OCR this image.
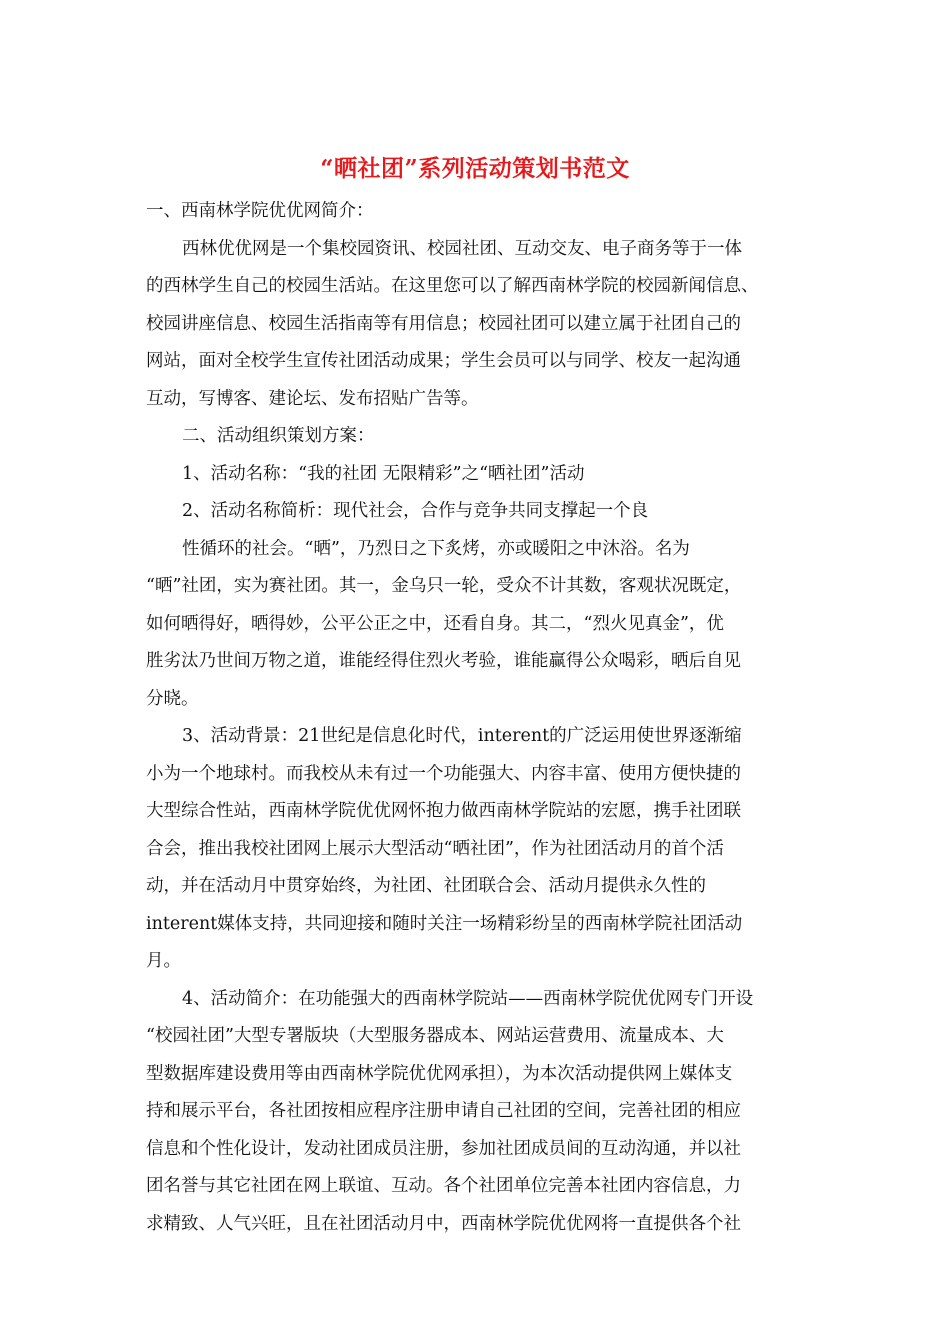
“晒社团”系列活动策划书范文

一、西南林学院优优网简介：

西林优优网是一个集校园资讯、校园社团、互动交友、电子商务等于一体

的西林学生自己的校园生活站。在这里您可以了解西南林学院的校园新闻信息、

校园讲座信息、校园生活指南等有用信息；校园社团可以建立属于社团自己的

网站，面对全校学生宣传社团活动成果；学生会员可以与同学、校友一起沟通

互动，写博客、建论坛、发布招贴广告等。

二、活动组织策划方案：

1、活动名称：“我的社团 无限精彩”之“晒社团”活动

2、活动名称简析：现代社会，合作与竞争共同支撑起一个良

性循环的社会。“晒”，乃烈日之下炙烤，亦或暖阳之中沐浴。名为

“晒”社团，实为赛社团。其一，金乌只一轮，受众不计其数，客观状况既定，

如何晒得好，晒得妙，公平公正之中，还看自身。其二，“烈火见真金”，优

胜劣汰乃世间万物之道，谁能经得住烈火考验，谁能赢得公众喝彩，晒后自见

分晓。

3、活动背景：21世纪是信息化时代，interent的广泛运用使世界逐渐缩

小为一个地球村。而我校从未有过一个功能强大、内容丰富、使用方便快捷的

大型综合性站，西南林学院优优网怀抱力做西南林学院站的宏愿，携手社团联

合会，推出我校社团网上展示大型活动“晒社团”，作为社团活动月的首个活

动，并在活动月中贯穿始终，为社团、社团联合会、活动月提供永久性的

interent媒体支持，共同迎接和随时关注一场精彩纷呈的西南林学院社团活动

月。

4、活动简介：在功能强大的西南林学院站——西南林学院优优网专门开设

“校园社团”大型专署版块（大型服务器成本、网站运营费用、流量成本、大

型数据库建设费用等由西南林学院优优网承担），为本次活动提供网上媒体支

持和展示平台，各社团按相应程序注册申请自己社团的空间，完善社团的相应

信息和个性化设计，发动社团成员注册，参加社团成员间的互动沟通，并以社

团名誉与其它社团在网上联谊、互动。各个社团单位完善本社团内容信息，力

求精致、人气兴旺，且在社团活动月中，西南林学院优优网将一直提供各个社
